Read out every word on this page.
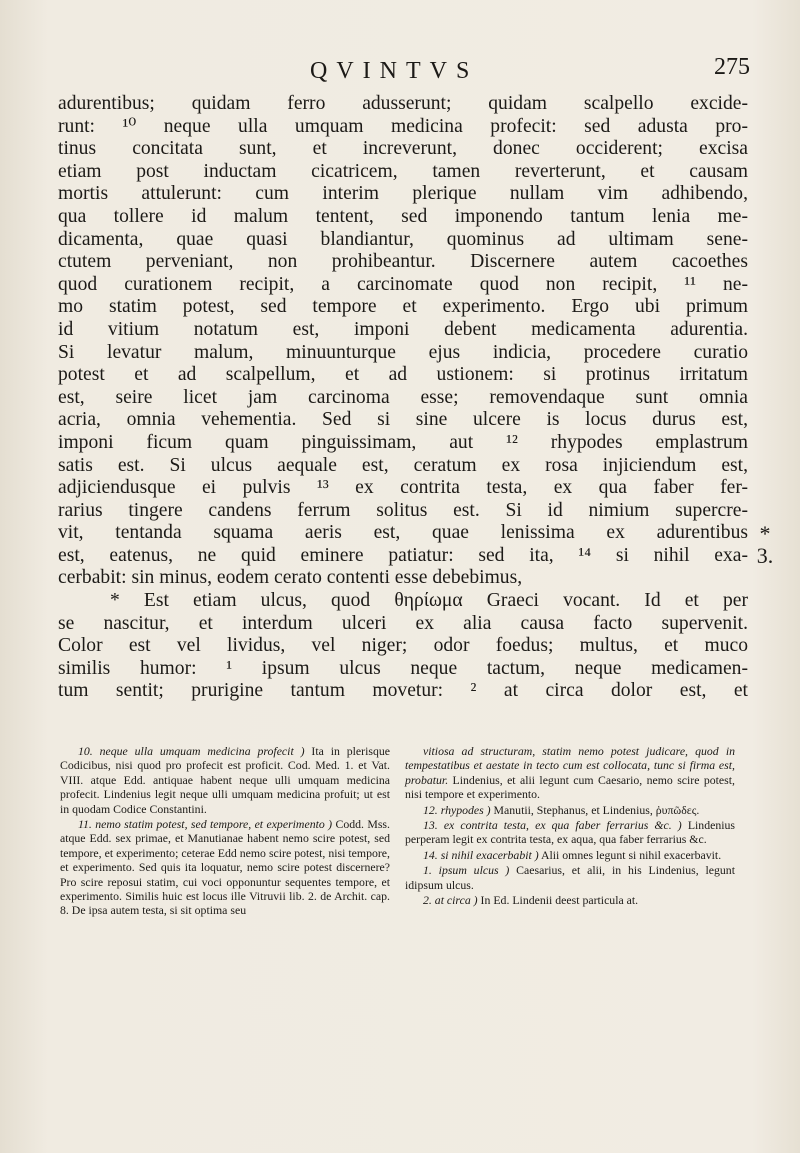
QVINTVS	275

adurentibus; quidam ferro adusserunt; quidam scalpello excide-
runt: ¹⁰ neque ulla umquam medicina profecit: sed adusta pro-
tinus concitata sunt, et increverunt, donec occiderent; excisa
etiam post inductam cicatricem, tamen reverterunt, et causam
mortis attulerunt: cum interim plerique nullam vim adhibendo,
qua tollere id malum tentent, sed imponendo tantum lenia me-
dicamenta, quae quasi blandiantur, quominus ad ultimam sene-
ctutem perveniant, non prohibeantur. Discernere autem cacoethes
quod curationem recipit, a carcinomate quod non recipit, ¹¹ ne-
mo statim potest, sed tempore et experimento. Ergo ubi primum
id vitium notatum est, imponi debent medicamenta adurentia.
Si levatur malum, minuunturque ejus indicia, procedere curatio
potest et ad scalpellum, et ad ustionem: si protinus irritatum
est, seire licet jam carcinoma esse; removendaque sunt omnia
acria, omnia vehementia. Sed si sine ulcere is locus durus est,
imponi ficum quam pinguissimam, aut ¹² rhypodes emplastrum
satis est. Si ulcus aequale est, ceratum ex rosa injiciendum est,
adjiciendusque ei pulvis ¹³ ex contrita testa, ex qua faber fer-
rarius tingere candens ferrum solitus est. Si id nimium supercre-
vit, tentanda squama aeris est, quae lenissima ex adurentibus
est, eatenus, ne quid eminere patiatur: sed ita, ¹⁴ si nihil exa-
cerbabit: sin minus, eodem cerato contenti esse debebimus,

* Est etiam ulcus, quod θηρίωμα Graeci vocant. Id et per
se nascitur, et interdum ulceri ex alia causa facto supervenit.
Color est vel lividus, vel niger; odor foedus; multus, et muco
similis humor: ¹ ipsum ulcus neque tactum, neque medicamen-
tum sentit; prurigine tantum movetur: ² at circa dolor est, et

* 3.

10. neque ulla umquam medicina profecit ) Ita in plerisque Codicibus, nisi quod pro profecit est proficit. Cod. Med. 1. et Vat. VIII. atque Edd. antiquae habent neque ulli umquam medicina profecit. Lindenius legit neque ulli umquam medicina profuit; ut est in quodam Codice Constantini.

11. nemo statim potest, sed tempore, et experimento ) Codd. Mss. atque Edd. sex primae, et Manutianae habent nemo scire potest, sed tempore, et experimento; ceterae Edd nemo scire potest, nisi tempore, et experimento. Sed quis ita loquatur, nemo scire potest discernere? Pro scire reposui statim, cui voci opponuntur sequentes tempore, et experimento. Similis huic est locus ille Vitruvii lib. 2. de Archit. cap. 8. De ipsa autem testa, si sit optima seu

vitiosa ad structuram, statim nemo potest judicare, quod in tempestatibus et aestate in tecto cum est collocata, tunc si firma est, probatur. Lindenius, et alii legunt cum Caesario, nemo scire potest, nisi tempore et experimento.

12. rhypodes ) Manutii, Stephanus, et Lindenius, ῥυπῶδες.

13. ex contrita testa, ex qua faber ferrarius &c. ) Lindenius perperam legit ex contrita testa, ex aqua, qua faber ferrarius &c.

14. si nihil exacerbabit ) Alii omnes legunt si nihil exacerbavit.

1. ipsum ulcus ) Caesarius, et alii, in his Lindenius, legunt idipsum ulcus.

2. at circa ) In Ed. Lindenii deest particula at.
